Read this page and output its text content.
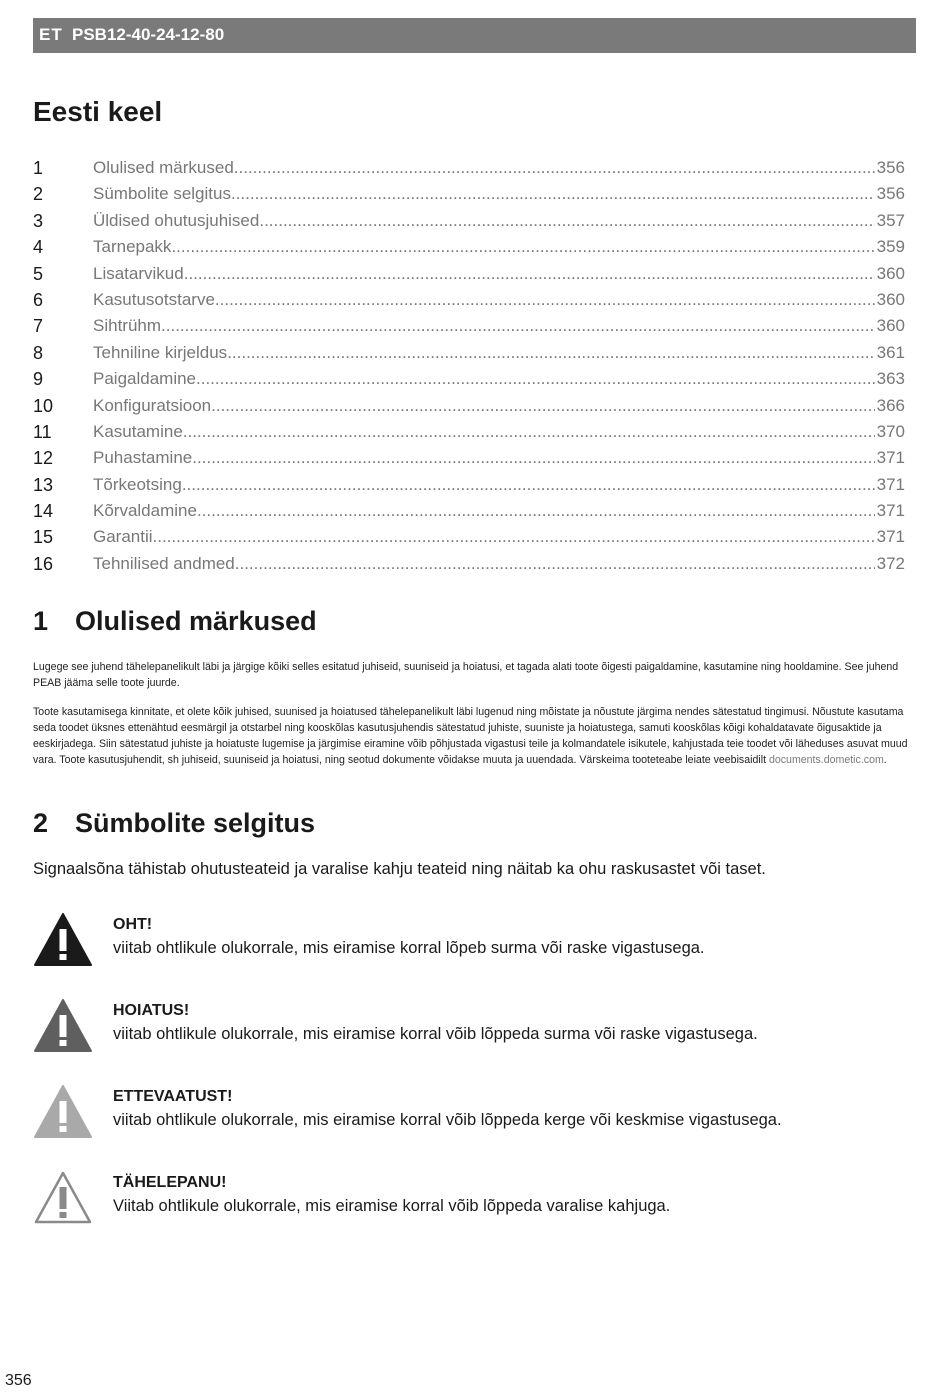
ET PSB12-40-24-12-80
Eesti keel
1	Olulised märkused .....	356
2	Sümbolite selgitus .....	356
3	Üldised ohutusjuhised .....	357
4	Tarnepakk .....	359
5	Lisatarvikud .....	360
6	Kasutusotstarve .....	360
7	Sihtrühm .....	360
8	Tehniline kirjeldus .....	361
9	Paigaldamine .....	363
10 Konfiguratsioon .....	366
11 Kasutamine .....	370
12 Puhastamine .....	371
13 Tõrkeotsing .....	371
14 Kõrvaldamine .....	371
15 Garantii .....	371
16 Tehnilised andmed .....	372
1 Olulised märkused

Lugege see juhend tähelepanelikult läbi ja järgige kõiki selles esitatud juhiseid, suuniseid ja hoiatusi, et tagada alati toote õigesti paigaldamine, kasutamine ning hooldamine. See juhend PEAB jääma selle toote juurde.

Toote kasutamisega kinnitate, et olete kõik juhised, suunised ja hoiatused tähelepanelikult läbi lugenud ning mõistate ja nõustute järgima nendes sätestatud tingimusi. Nõustute kasutama seda toodet üksnes ettenähtud eesmärgil ja otstarbel ning kooskõlas kasutusjuhendis sätestatud juhiste, suuniste ja hoiatustega, samuti kooskõlas kõigi kohaldatavate õigusaktide ja eeskirjadega. Siin sätestatud juhiste ja hoiatuste lugemise ja järgimise eiramine võib põhjustada vigastusi teile ja kolmandatele isikutele, kahjustada teie toodet või läheduses asuvat muud vara. Toote kasutusjuhendit, sh juhiseid, suuniseid ja hoiatusi, ning seotud dokumente võidakse muuta ja uuendada. Värskeima tooteteabe leiate veebisaidilt documents.dometic.com.

2 Sümbolite selgitus

Signaalsõna tähistab ohutusteateid ja varalise kahju teateid ning näitab ka ohu raskusastet või taset.

OHT!
viitab ohtlikule olukorrale, mis eiramise korral lõpeb surma või raske vigastusega.
HOIATUS!
viitab ohtlikule olukorrale, mis eiramise korral võib lõppeda surma või raske vigastusega.
ETTEVAATUST!
viitab ohtlikule olukorrale, mis eiramise korral võib lõppeda kerge või keskmise vigastusega.
TÄHELEPANU!
Viitab ohtlikule olukorrale, mis eiramise korral võib lõppeda varalise kahjuga.
356
